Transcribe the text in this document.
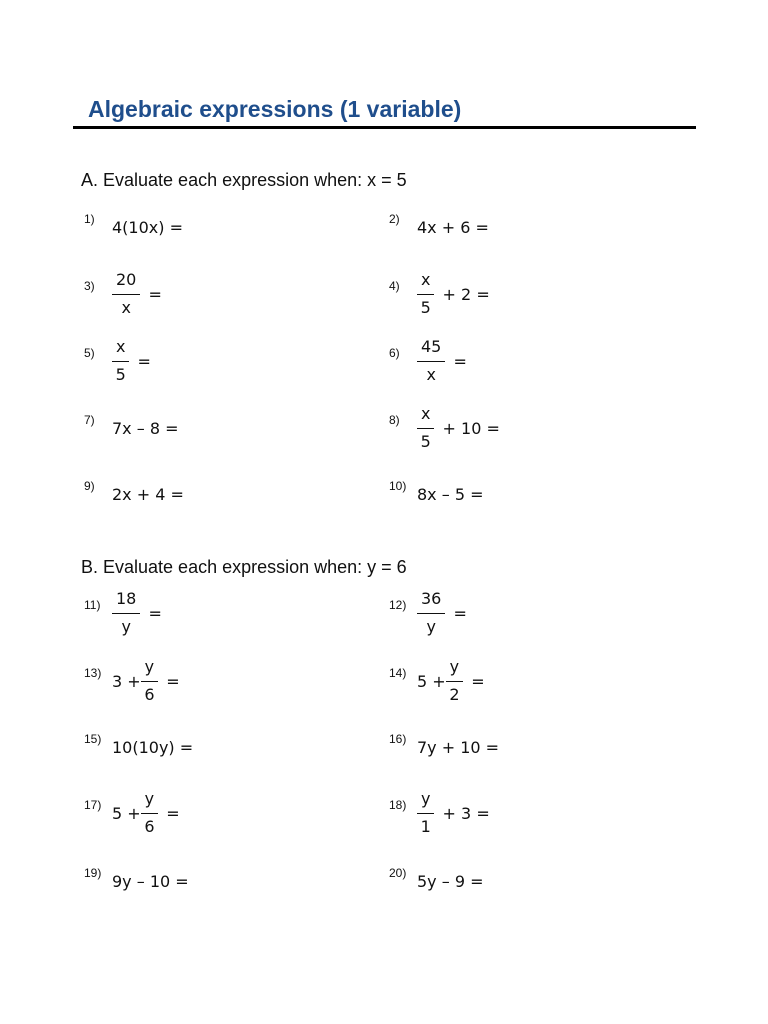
Algebraic expressions (1 variable)
A. Evaluate each expression when: x = 5
1) 4(10x) =	2) 4x + 6 =
$3) \frac{20}{x}$ =	$4) \frac{x}{5} + 2$ =
$5) \frac{x}{5}$ =	$6) \frac{45}{x}$ =
7) 7x – 8 =	$8) \frac{x}{5} + 10$ =
9) 2x + 4 =	10) 8x – 5 =
B. Evaluate each expression when: y = 6
$11) \frac{18}{y}$ =	$12) \frac{36}{y}$ =
13) $3 + \frac{y}{6}$ =	14) $5 + \frac{y}{2}$ =
15) 10(10y) =	16) 7y + 10 =
17) $5 + \frac{y}{6}$ =	$18) \frac{y}{1} + 3$ =
19) 9y – 10 =	20) 5y – 9 =
